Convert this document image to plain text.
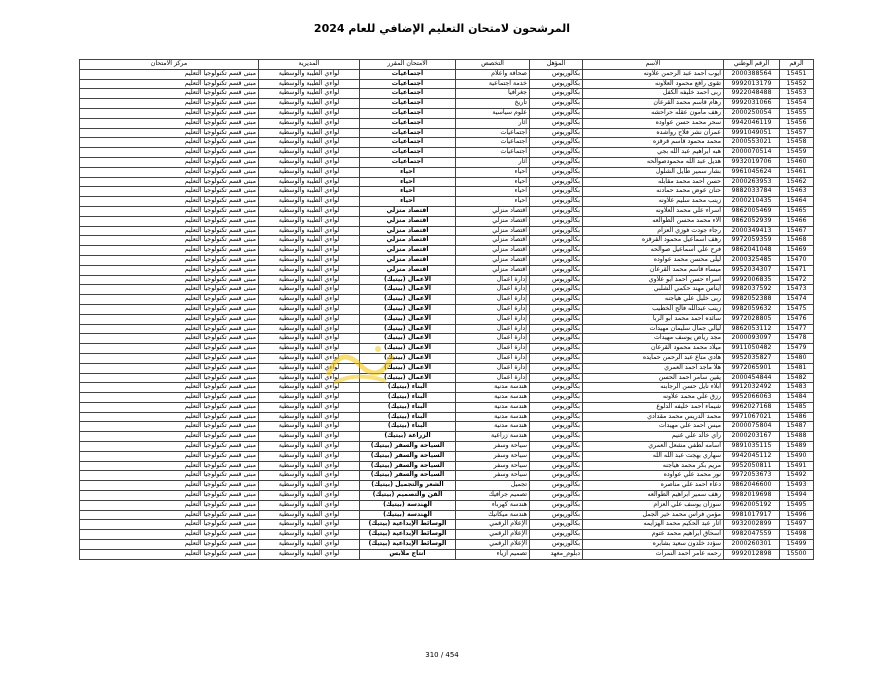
المرشحون لامتحان التعليم الإضافي للعام 2024
الرقم	الرقم الوطني	الاسم	المؤهل	التخصص	الامتحان المقرر	المديرية	مركز الامتحان
15451	2000388564	ايوب احمد عبد الرحمن علاونه	بكالوريوس	صحافة واعلام	اجتماعيات	لواءي الطيبة والوسطية	مبنى قسم تكنولوجيا التعليم
15452	9992013179	تقوى رافع محمود العلاونه	بكالوريوس	خدمة اجتماعية	اجتماعيات	لواءي الطيبة والوسطية	مبنى قسم تكنولوجيا التعليم
15453	9922048488	ربى احمد خليفه الكفل	بكالوريوس	جغرافيا	اجتماعيات	لواءي الطيبة والوسطية	مبنى قسم تكنولوجيا التعليم
15454	9992031066	رهام قاسم محمد القرعان	بكالوريوس	تاريخ	اجتماعيات	لواءي الطيبة والوسطية	مبنى قسم تكنولوجيا التعليم
15455	2000250054	رهف مامون عقله حراحشه	بكالوريوس	علوم سياسية	اجتماعيات	لواءي الطيبة والوسطية	مبنى قسم تكنولوجيا التعليم
15456	9942046119	سحر محمد حسن عواوده	بكالوريوس	آثار	اجتماعيات	لواءي الطيبة والوسطية	مبنى قسم تكنولوجيا التعليم
15457	9991049051	عمران نشر فلاح رواشده	بكالوريوس	اجتماعيات	اجتماعيات	لواءي الطيبة والوسطية	مبنى قسم تكنولوجيا التعليم
15458	2000553021	محمد محمود قاسم قرقزه	بكالوريوس	اجتماعيات	اجتماعيات	لواءي الطيبة والوسطية	مبنى قسم تكنولوجيا التعليم
15459	2000070514	هبه ابراهيم عبد الله بجي	بكالوريوس	اجتماعيات	اجتماعيات	لواءي الطيبة والوسطية	مبنى قسم تكنولوجيا التعليم
15460	9932019706	هديل عبد الله محمودصوالحه	بكالوريوس	آثار	اجتماعيات	لواءي الطيبة والوسطية	مبنى قسم تكنولوجيا التعليم
15461	9961045624	بشار سمير طايل الشلول	بكالوريوس	احياء	احياء	لواءي الطيبة والوسطية	مبنى قسم تكنولوجيا التعليم
15462	2000263953	حسن احمد محمد مقابله	بكالوريوس	احياء	احياء	لواءي الطيبة والوسطية	مبنى قسم تكنولوجيا التعليم
15463	9882033784	حنان عوض محمد حمادنه	بكالوريوس	احياء	احياء	لواءي الطيبة والوسطية	مبنى قسم تكنولوجيا التعليم
15464	2000210435	زينب محمد سليم علاونه	بكالوريوس	احياء	احياء	لواءي الطيبة والوسطية	مبنى قسم تكنولوجيا التعليم
15465	9862005469	اسراء علي محمد العلاونه	بكالوريوس	اقتصاد منزلي	اقتصاد منزلي	لواءي الطيبة والوسطية	مبنى قسم تكنولوجيا التعليم
15466	9862052939	الاء محمد محسن الطوالعه	بكالوريوس	اقتصاد منزلي	اقتصاد منزلي	لواءي الطيبة والوسطية	مبنى قسم تكنولوجيا التعليم
15467	2000349413	رجاء جودت فوزي العزام	بكالوريوس	اقتصاد منزلي	اقتصاد منزلي	لواءي الطيبة والوسطية	مبنى قسم تكنولوجيا التعليم
15468	9972059359	رهف اسماعيل محمود القرقزه	بكالوريوس	اقتصاد منزلي	اقتصاد منزلي	لواءي الطيبة والوسطية	مبنى قسم تكنولوجيا التعليم
15469	9862041048	فرح علي اسماعيل صوالحه	بكالوريوس	اقتصاد منزلي	اقتصاد منزلي	لواءي الطيبة والوسطية	مبنى قسم تكنولوجيا التعليم
15470	2000325485	ليلى محسن محمد عواوده	بكالوريوس	اقتصاد منزلي	اقتصاد منزلي	لواءي الطيبة والوسطية	مبنى قسم تكنولوجيا التعليم
15471	9952034307	ميساء قاسم محمد القرعان	بكالوريوس	اقتصاد منزلي	اقتصاد منزلي	لواءي الطيبة والوسطية	مبنى قسم تكنولوجيا التعليم
15472	9992006835	اسراء حسن احمد ابو علاوي	بكالوريوس	إدارة أعمال	الأعمال (بيتيك)	لواءي الطيبة والوسطية	مبنى قسم تكنولوجيا التعليم
15473	9982037592	ايناس مهند حكمي الشلبي	بكالوريوس	إدارة أعمال	الأعمال (بيتيك)	لواءي الطيبة والوسطية	مبنى قسم تكنولوجيا التعليم
15474	9982052388	ربى خليل علي هياجنه	بكالوريوس	إدارة أعمال	الأعمال (بيتيك)	لواءي الطيبة والوسطية	مبنى قسم تكنولوجيا التعليم
15475	9982059632	زينب عبدالله فالح الخطيب	بكالوريوس	إدارة أعمال	الأعمال (بيتيك)	لواءي الطيبة والوسطية	مبنى قسم تكنولوجيا التعليم
15476	9972028805	سائده احمد محمد ابو الربا	بكالوريوس	إدارة أعمال	الأعمال (بيتيك)	لواءي الطيبة والوسطية	مبنى قسم تكنولوجيا التعليم
15477	9862053112	ليالي جمال سليمان مهيدات	بكالوريوس	إدارة أعمال	الأعمال (بيتيك)	لواءي الطيبة والوسطية	مبنى قسم تكنولوجيا التعليم
15478	2000093097	مجد رياض يوسف مهيدات	بكالوريوس	إدارة أعمال	الأعمال (بيتيك)	لواءي الطيبة والوسطية	مبنى قسم تكنولوجيا التعليم
15479	9911050482	ميلاد محمد محمود القرعان	بكالوريوس	إدارة أعمال	الأعمال (بيتيك)	لواءي الطيبة والوسطية	مبنى قسم تكنولوجيا التعليم
15480	9952035827	هادي متاع عبد الرحمن حمايده	بكالوريوس	إدارة أعمال	الأعمال (بيتيك)	لواءي الطيبة والوسطية	مبنى قسم تكنولوجيا التعليم
15481	9972065901	هلا ماجد احمد العمري	بكالوريوس	إدارة أعمال	الأعمال (بيتيك)	لواءي الطيبة والوسطية	مبنى قسم تكنولوجيا التعليم
15482	2000454844	يقين سامر احمد الحسن	بكالوريوس	إدارة أعمال	الأعمال (بيتيك)	لواءي الطيبة والوسطية	مبنى قسم تكنولوجيا التعليم
15483	9912032492	ابلاء نايل حسن الرجابنه	بكالوريوس	هندسة مدنية	البناء (بيتيك)	لواءي الطيبة والوسطية	مبنى قسم تكنولوجيا التعليم
15484	9952066063	رزق علي محمد علاونه	بكالوريوس	هندسة مدنية	البناء (بيتيك)	لواءي الطيبة والوسطية	مبنى قسم تكنولوجيا التعليم
15485	9962027168	شيماء احمد خليفه الدلوع	بكالوريوس	هندسة مدنية	البناء (بيتيك)	لواءي الطيبة والوسطية	مبنى قسم تكنولوجيا التعليم
15486	9971067021	محمد الدريس محمد مقدادي	بكالوريوس	هندسة مدنية	البناء (بيتيك)	لواءي الطيبة والوسطية	مبنى قسم تكنولوجيا التعليم
15487	2000075804	ميس احمد علي مهيدات	بكالوريوس	هندسة مدنية	البناء (بيتيك)	لواءي الطيبة والوسطية	مبنى قسم تكنولوجيا التعليم
15488	2000203167	راي خالد علي غنيم	بكالوريوس	هندسة زراعية	الزراعة (بيتيك)	لواءي الطيبة والوسطية	مبنى قسم تكنولوجيا التعليم
15489	9891035115	اسامه لطفي مشعل العمري	بكالوريوس	سياحة وسفر	السياحة والسفر (بيتيك)	لواءي الطيبة والوسطية	مبنى قسم تكنولوجيا التعليم
15490	9942045112	سهاري بهجت عبد الله الله	بكالوريوس	سياحة وسفر	السياحة والسفر (بيتيك)	لواءي الطيبة والوسطية	مبنى قسم تكنولوجيا التعليم
15491	9952050811	مريم بكر محمد هياجنه	بكالوريوس	سياحة وسفر	السياحة والسفر (بيتيك)	لواءي الطيبة والوسطية	مبنى قسم تكنولوجيا التعليم
15492	9972053673	نور محمد علي عواوده	بكالوريوس	سياحة وسفر	السياحة والسفر (بيتيك)	لواءي الطيبة والوسطية	مبنى قسم تكنولوجيا التعليم
15493	9862046600	دعاء احمد علي مناصره	بكالوريوس	تجميل	الشعر والتجميل (بيتيك)	لواءي الطيبة والوسطية	مبنى قسم تكنولوجيا التعليم
15494	9982019698	رهف سمير ابراهيم الطوالعه	بكالوريوس	تصميم جرافيك	الفن والتصميم (بيتيك)	لواءي الطيبة والوسطية	مبنى قسم تكنولوجيا التعليم
15495	9962005192	سوزان يوسف علي العزام	بكالوريوس	هندسة كهرباء	الهندسة (بيتيك)	لواءي الطيبة والوسطية	مبنى قسم تكنولوجيا التعليم
15496	9981017917	مؤمن فراس محمد خير الجمل	بكالوريوس	هندسة ميكانيك	الهندسة (بيتيك)	لواءي الطيبة والوسطية	مبنى قسم تكنولوجيا التعليم
15497	9932002899	آثار عبد الحكيم محمد الهزايمه	بكالوريوس	الإعلام الرقمي	الوسائط الإبداعية (بيتيك)	لواءي الطيبة والوسطية	مبنى قسم تكنولوجيا التعليم
15498	9982047559	اسحاق ابراهيم محمد عتوم	بكالوريوس	الإعلام الرقمي	الوسائط الإبداعية (بيتيك)	لواءي الطيبة والوسطية	مبنى قسم تكنولوجيا التعليم
15499	2000260301	سؤدد خلدون سعيد بشابره	بكالوريوس	الإعلام الرقمي	الوسائط الإبداعية (بيتيك)	لواءي الطيبة والوسطية	مبنى قسم تكنولوجيا التعليم
15500	9992012898	رحمه عامر احمد النمرات	دبلوم_معهد	تصميم أزياء	انتاج ملابس	لواءي الطيبة والوسطية	مبنى قسم تكنولوجيا التعليم
310 / 454
